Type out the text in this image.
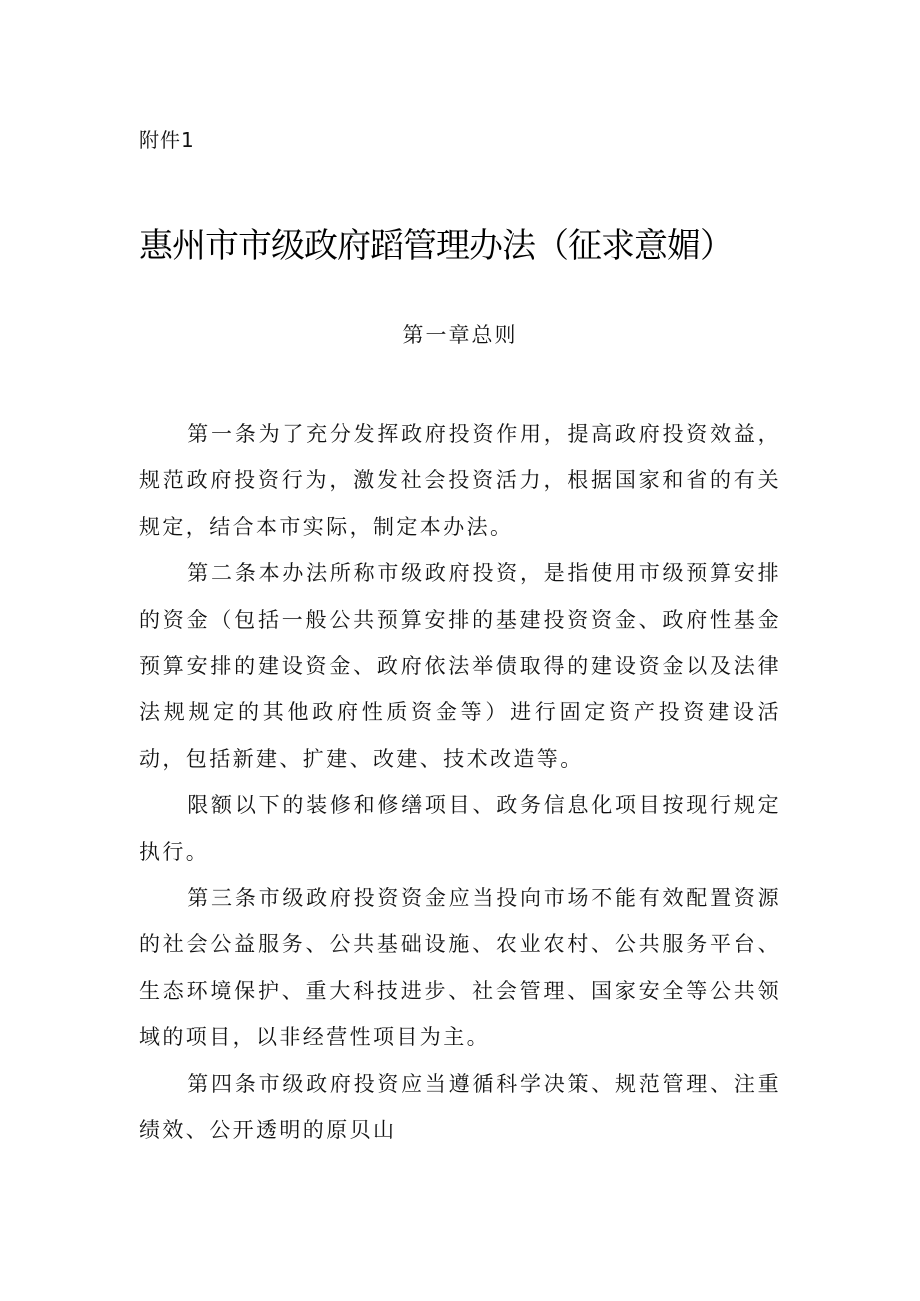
附件1
惠州市市级政府蹈管理办法（征求意媚）
第一章总则

第一条为了充分发挥政府投资作用，提高政府投资效益，规范政府投资行为，激发社会投资活力，根据国家和省的有关规定，结合本市实际，制定本办法。

第二条本办法所称市级政府投资，是指使用市级预算安排的资金（包括一般公共预算安排的基建投资资金、政府性基金预算安排的建设资金、政府依法举债取得的建设资金以及法律法规规定的其他政府性质资金等）进行固定资产投资建设活动，包括新建、扩建、改建、技术改造等。

限额以下的装修和修缮项目、政务信息化项目按现行规定执行。

第三条市级政府投资资金应当投向市场不能有效配置资源的社会公益服务、公共基础设施、农业农村、公共服务平台、生态环境保护、重大科技进步、社会管理、国家安全等公共领域的项目，以非经营性项目为主。

第四条市级政府投资应当遵循科学决策、规范管理、注重绩效、公开透明的原贝山
